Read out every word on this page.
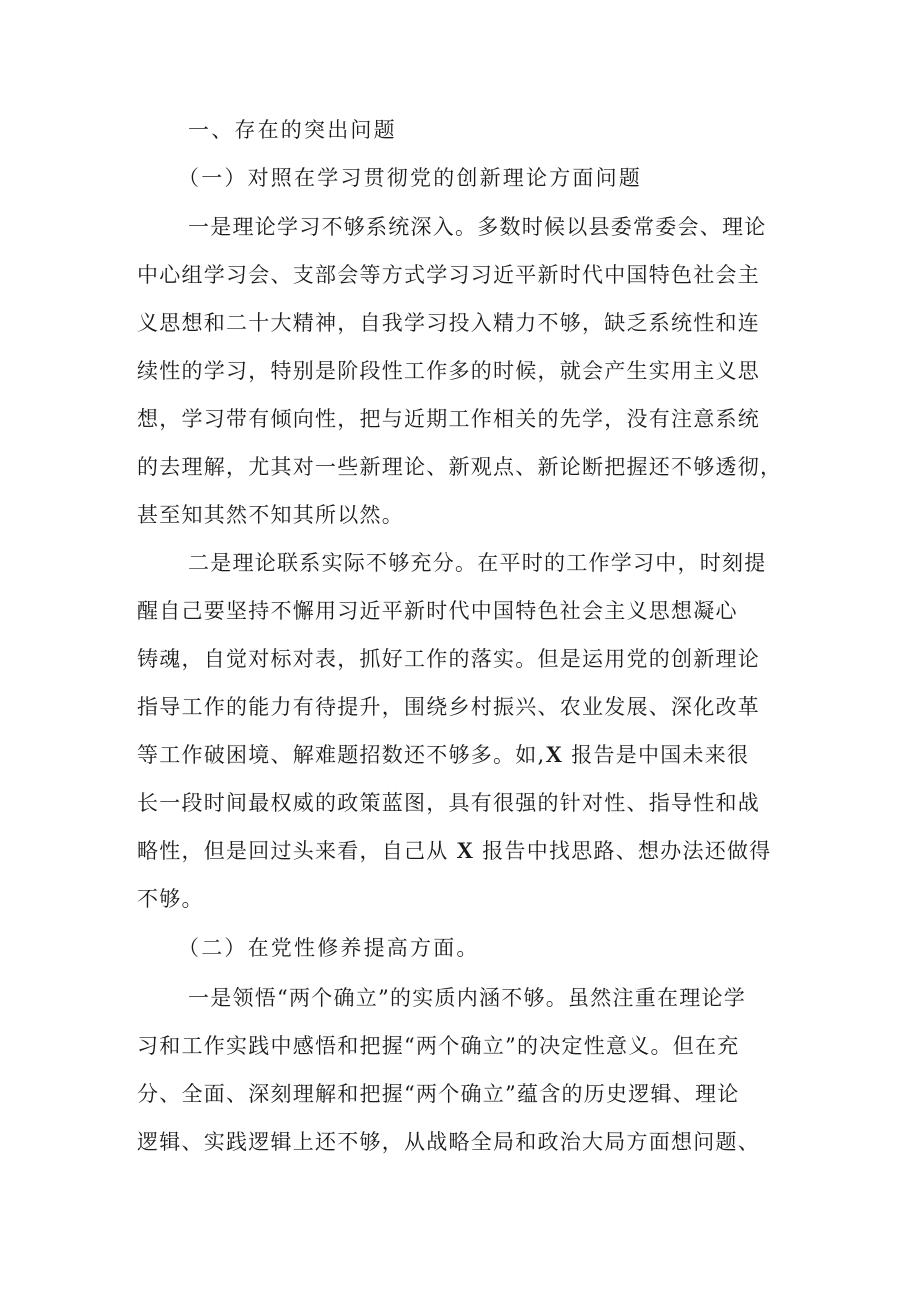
一、存在的突出问题
（一）对照在学习贯彻党的创新理论方面问题
一是理论学习不够系统深入。多数时候以县委常委会、理论
中心组学习会、支部会等方式学习习近平新时代中国特色社会主
义思想和二十大精神，自我学习投入精力不够，缺乏系统性和连
续性的学习，特别是阶段性工作多的时候，就会产生实用主义思
想，学习带有倾向性，把与近期工作相关的先学，没有注意系统
的去理解，尤其对一些新理论、新观点、新论断把握还不够透彻，
甚至知其然不知其所以然。
二是理论联系实际不够充分。在平时的工作学习中，时刻提
醒自己要坚持不懈用习近平新时代中国特色社会主义思想凝心
铸魂，自觉对标对表，抓好工作的落实。但是运用党的创新理论
指导工作的能力有待提升，围绕乡村振兴、农业发展、深化改革
等工作破困境、解难题招数还不够多。如,X 报告是中国未来很
长一段时间最权威的政策蓝图，具有很强的针对性、指导性和战
略性，但是回过头来看，自己从 X 报告中找思路、想办法还做得
不够。
（二）在党性修养提高方面。
一是领悟“两个确立”的实质内涵不够。虽然注重在理论学
习和工作实践中感悟和把握“两个确立”的决定性意义。但在充
分、全面、深刻理解和把握“两个确立”蕴含的历史逻辑、理论
逻辑、实践逻辑上还不够，从战略全局和政治大局方面想问题、
